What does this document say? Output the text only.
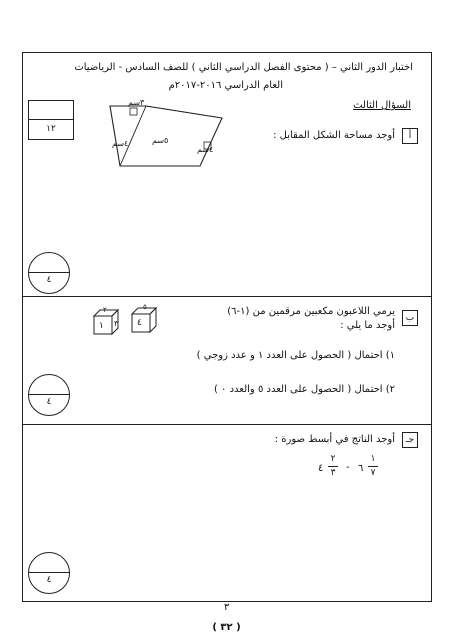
اختبار الدور الثاني – ( محتوى الفصل الدراسي الثاني ) للصف السادس - الرياضيات
العام الدراسي ٢٠١٦-٢٠١٧م
السؤال الثالث
أ
أوجد مساحة الشكل المقابل :
١٢
٣سم
٤سم
٤سم
٥سم
٤
ب
يرمي اللاعبون مكعبين مرقمين من (١-٦)
أوجد ما يلي :
١ ٣
٢
٤
٥
١) احتمال ( الحصول على العدد ١ و عدد زوجي )
٢) احتمال ( الحصول على العدد ٥ والعدد ٠ )
٤
جـ
أوجد الناتج في أبسط صورة :
٤
٢
٣ - ٦
١
٧
٤
٣
( ٣٢ )
